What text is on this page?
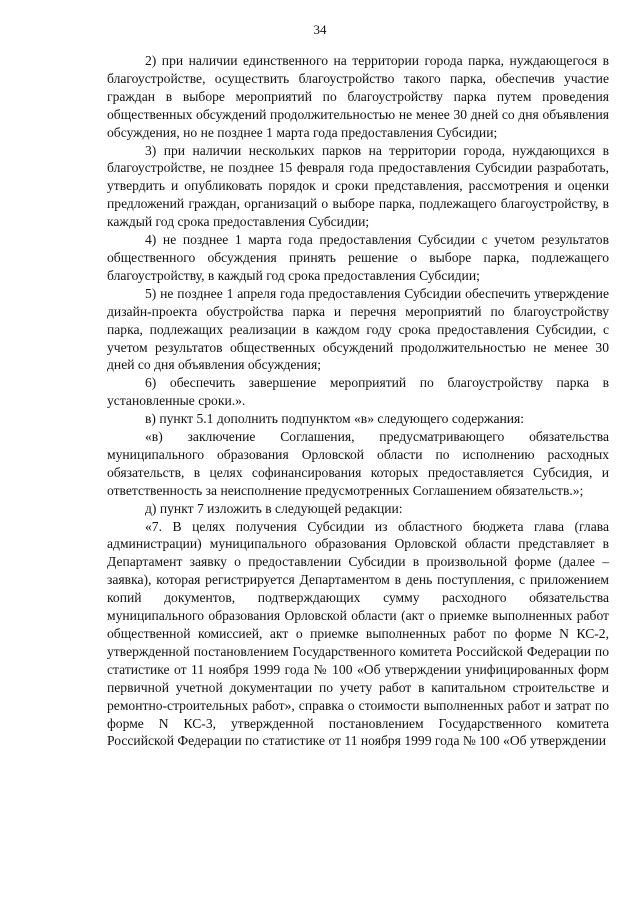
34

2) при наличии единственного на территории города парка, нуждающегося в благоустройстве, осуществить благоустройство такого парка, обеспечив участие граждан в выборе мероприятий по благоустройству парка путем проведения общественных обсуждений продолжительностью не менее 30 дней со дня объявления обсуждения, но не позднее 1 марта года предоставления Субсидии;

3) при наличии нескольких парков на территории города, нуждающихся в благоустройстве, не позднее 15 февраля года предоставления Субсидии разработать, утвердить и опубликовать порядок и сроки представления, рассмотрения и оценки предложений граждан, организаций о выборе парка, подлежащего благоустройству, в каждый год срока предоставления Субсидии;

4) не позднее 1 марта года предоставления Субсидии с учетом результатов общественного обсуждения принять решение о выборе парка, подлежащего благоустройству, в каждый год срока предоставления Субсидии;

5) не позднее 1 апреля года предоставления Субсидии обеспечить утверждение дизайн-проекта обустройства парка и перечня мероприятий по благоустройству парка, подлежащих реализации в каждом году срока предоставления Субсидии, с учетом результатов общественных обсуждений продолжительностью не менее 30 дней со дня объявления обсуждения;

6) обеспечить завершение мероприятий по благоустройству парка в установленные сроки.».

в) пункт 5.1 дополнить подпунктом «в» следующего содержания:

«в) заключение Соглашения, предусматривающего обязательства муниципального образования Орловской области по исполнению расходных обязательств, в целях софинансирования которых предоставляется Субсидия, и ответственность за неисполнение предусмотренных Соглашением обязательств.»;

д) пункт 7 изложить в следующей редакции:

«7. В целях получения Субсидии из областного бюджета глава (глава администрации) муниципального образования Орловской области представляет в Департамент заявку о предоставлении Субсидии в произвольной форме (далее – заявка), которая регистрируется Департаментом в день поступления, с приложением копий документов, подтверждающих сумму расходного обязательства муниципального образования Орловской области (акт о приемке выполненных работ общественной комиссией, акт о приемке выполненных работ по форме N КС-2, утвержденной постановлением Государственного комитета Российской Федерации по статистике от 11 ноября 1999 года № 100 «Об утверждении унифицированных форм первичной учетной документации по учету работ в капитальном строительстве и ремонтно-строительных работ», справка о стоимости выполненных работ и затрат по форме N КС-3, утвержденной постановлением Государственного комитета Российской Федерации по статистике от 11 ноября 1999 года № 100 «Об утверждении
